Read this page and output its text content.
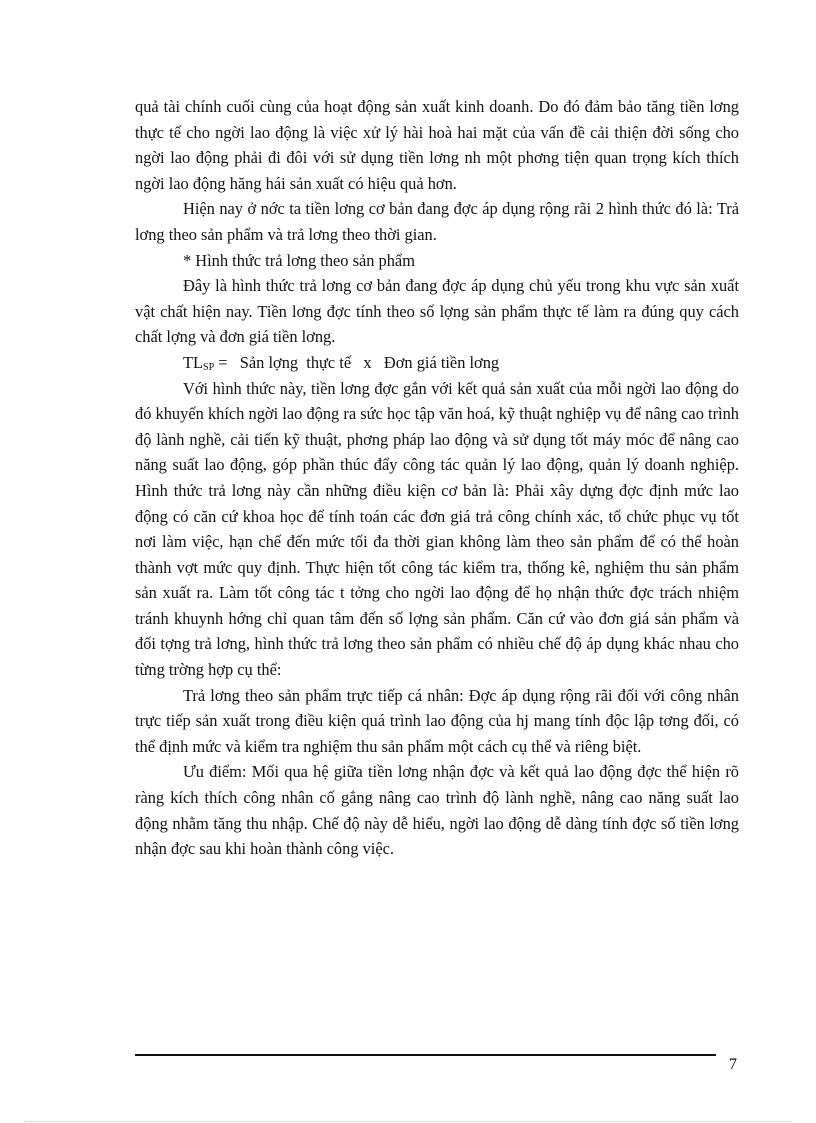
quả tài chính cuối cùng của hoạt động sản xuất kinh doanh. Do đó đảm bảo tăng tiền lơng thực tế cho ngời lao động là việc xử lý hài hoà hai mặt của vấn đề cải thiện đời sống cho ngời lao động phải đi đôi với sử dụng tiền lơng nh một phơng tiện quan trọng kích thích ngời lao động hăng hái sản xuất có hiệu quả hơn.

Hiện nay ở nớc ta tiền lơng cơ bản đang đợc áp dụng rộng rãi 2 hình thức đó là: Trả lơng theo sản phẩm và trả lơng theo thời gian.

* Hình thức trả lơng theo sản phẩm

Đây là hình thức trả lơng cơ bản đang đợc áp dụng chủ yếu trong khu vực sản xuất vật chất hiện nay. Tiền lơng đợc tính theo số lợng sản phẩm thực tế làm ra đúng quy cách chất lợng và đơn giá tiền lơng.

$TL_{SP}$ =   Sản lợng  thực tế   x   Đơn giá tiền lơng

Với hình thức này, tiền lơng đợc gắn với kết quả sản xuất của mỗi ngời lao động do đó khuyến khích ngời lao động ra sức học tập văn hoá, kỹ thuật nghiệp vụ để nâng cao trình độ lành nghề, cải tiến kỹ thuật, phơng pháp lao động và sử dụng tốt máy móc để nâng cao năng suất lao động, góp phần thúc đẩy công tác quản lý lao động, quản lý doanh nghiệp. Hình thức trả lơng này cần những điều kiện cơ bản là: Phải xây dựng đợc định mức lao động có căn cứ khoa học để tính toán các đơn giá trả công chính xác, tổ chức phục vụ tốt nơi làm việc, hạn chế đến mức tối đa thời gian không làm theo sản phẩm để có thể hoàn thành vợt mức quy định. Thực hiện tốt công tác kiểm tra, thống kê, nghiệm thu sản phẩm sản xuất ra. Làm tốt công tác t tởng cho ngời lao động để họ nhận thức đợc trách nhiệm tránh khuynh hớng chỉ quan tâm đến số lợng sản phẩm. Căn cứ vào đơn giá sản phẩm và đối tợng trả lơng, hình thức trả lơng theo sản phẩm có nhiều chế độ áp dụng khác nhau cho từng trờng hợp cụ thể:

Trả lơng theo sản phẩm trực tiếp cá nhân: Đợc áp dụng rộng rãi đối với công nhân trực tiếp sản xuất trong điều kiện quá trình lao động của hj mang tính độc lập tơng đối, có thể định mức và kiểm tra nghiệm thu sản phẩm một cách cụ thể và riêng biệt.

Ưu điểm: Mối qua hệ giữa tiền lơng nhận đợc và kết quả lao động đợc thể hiện rõ ràng kích thích công nhân cố gắng nâng cao trình độ lành nghề, nâng cao năng suất lao động nhằm tăng thu nhập. Chế độ này dễ hiểu, ngời lao động dễ dàng tính đợc số tiền lơng nhận đợc sau khi hoàn thành công việc.

7
